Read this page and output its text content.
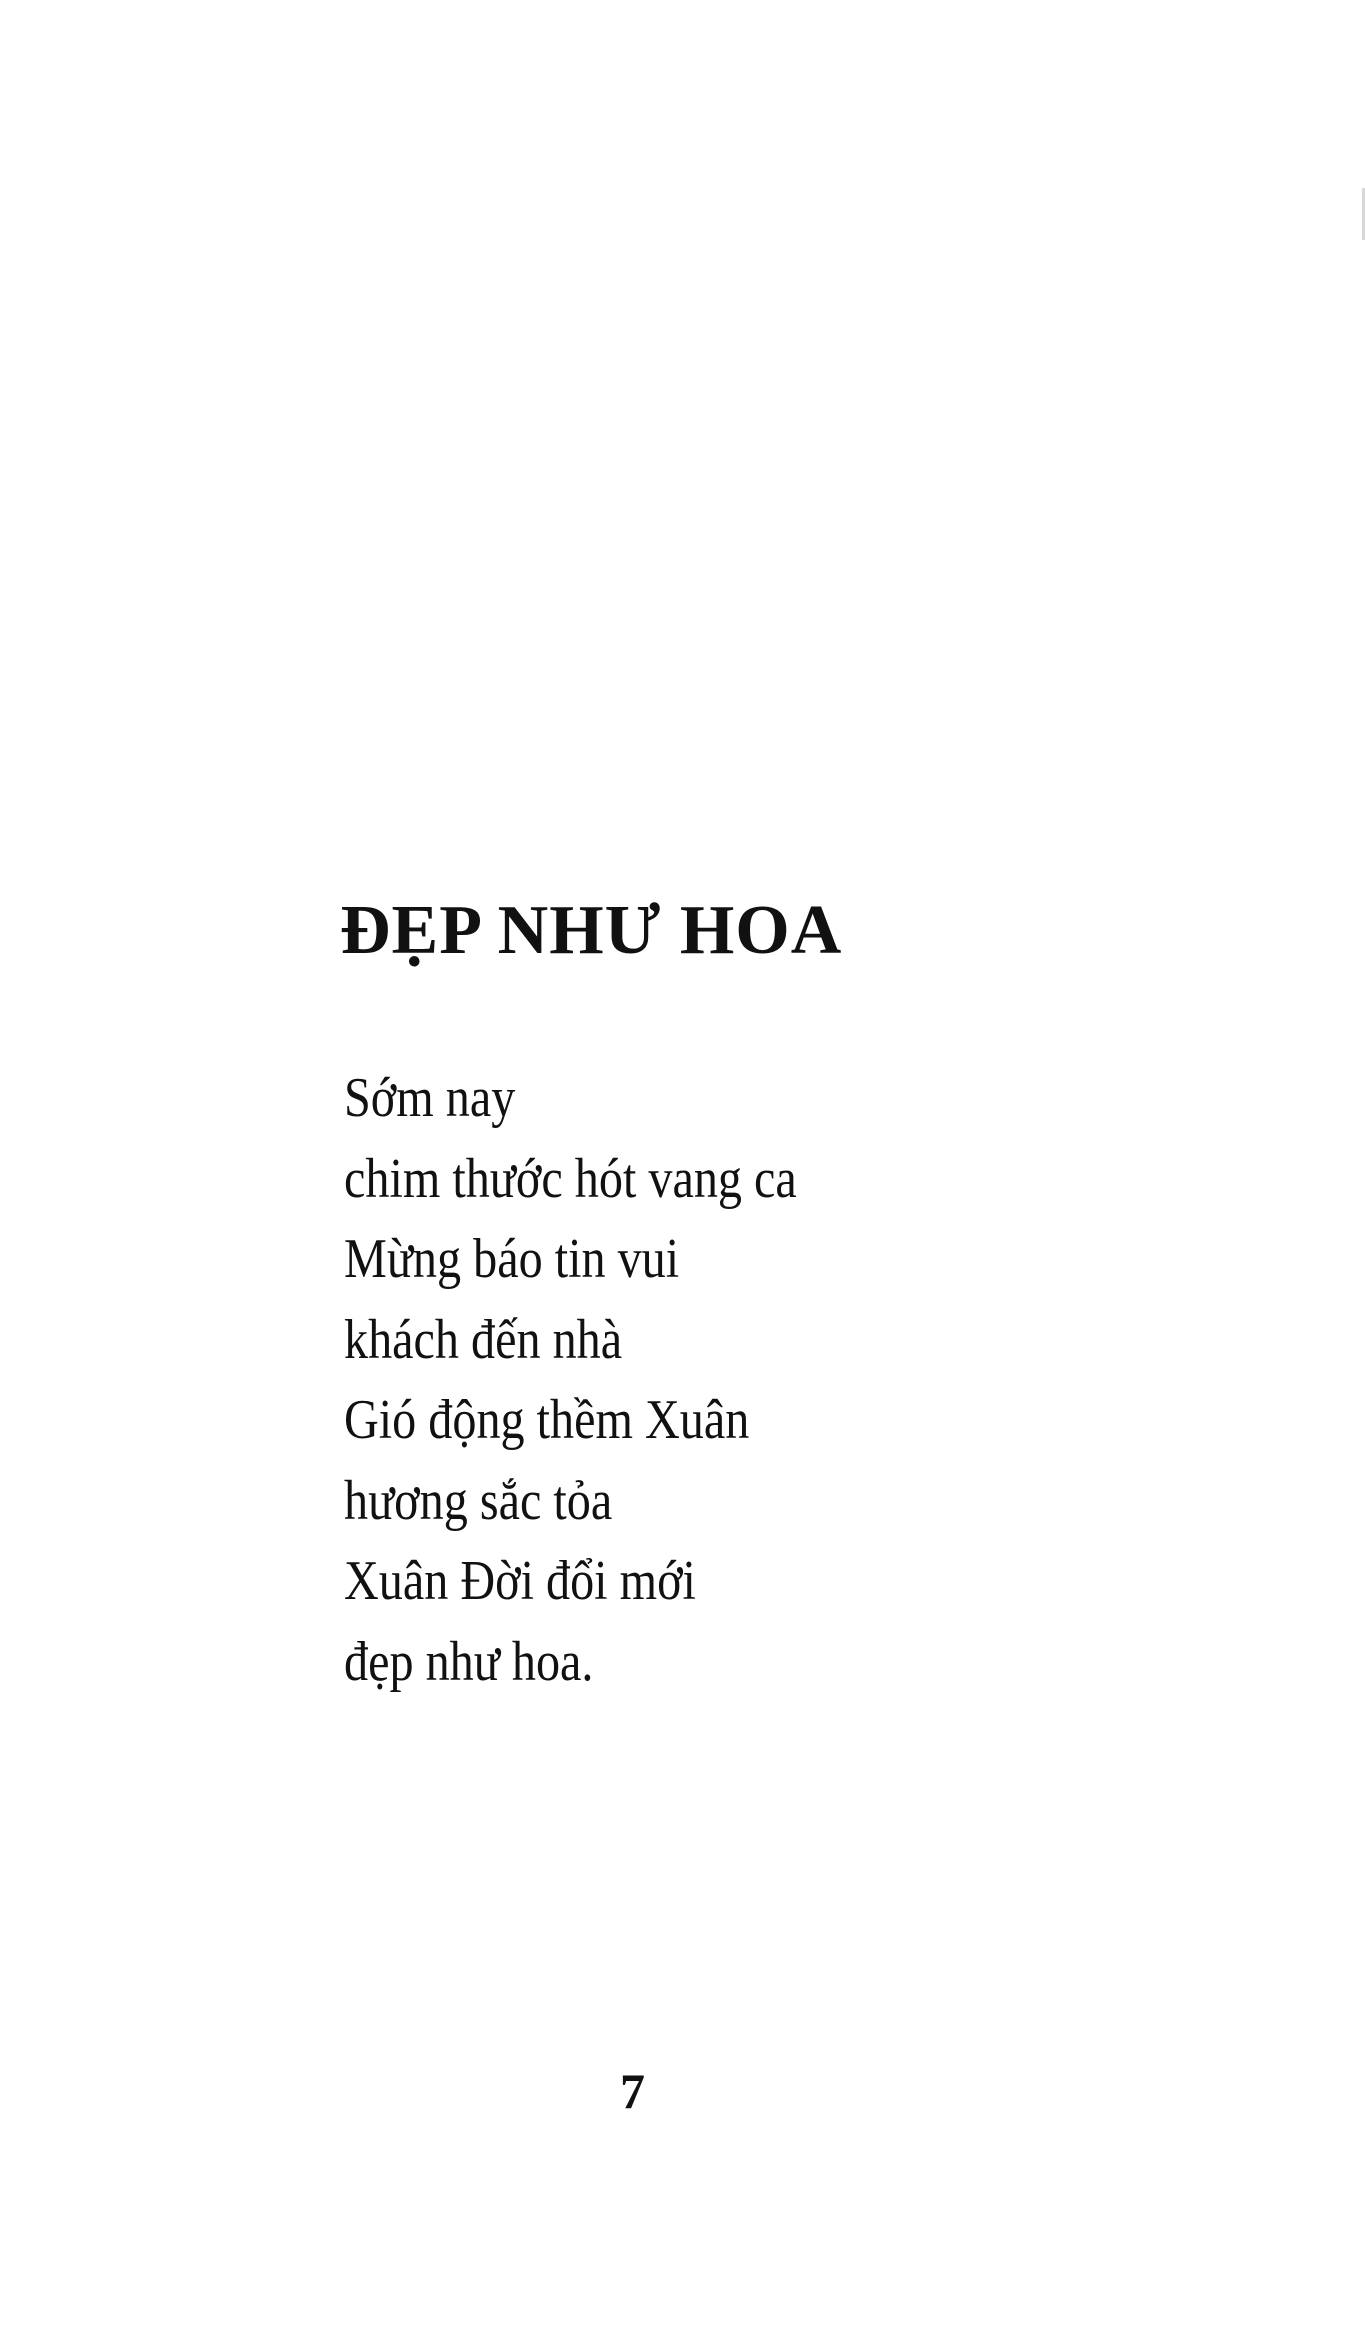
ĐẸP NHƯ HOA
Sớm nay
chim thước hót vang ca
Mừng báo tin vui
khách đến nhà
Gió động thềm Xuân
hương sắc tỏa
Xuân Đời đổi mới
đẹp như hoa.
7
